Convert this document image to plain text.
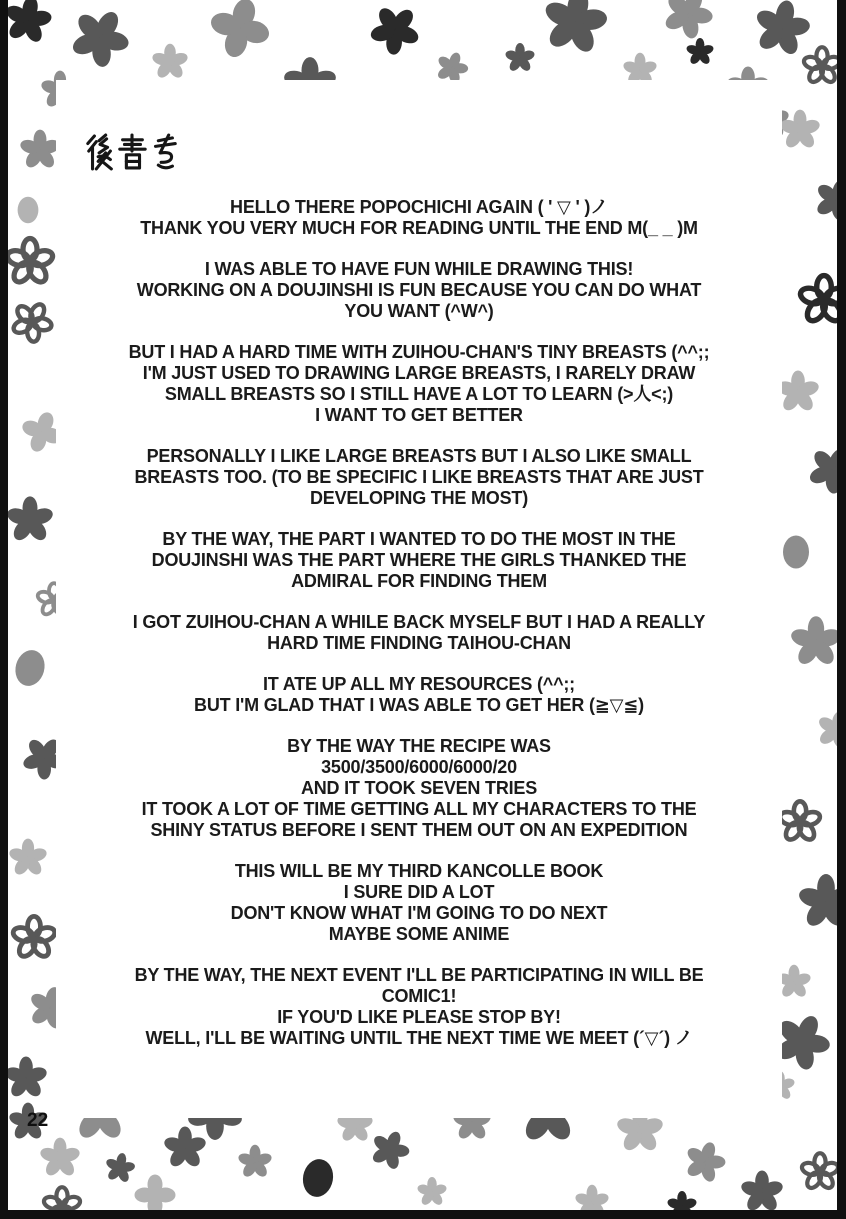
HELLO THERE POPOCHICHI AGAIN ( ' ▽ ' )ノ
THANK YOU VERY MUCH FOR READING UNTIL THE END M(_ _ )M
I WAS ABLE TO HAVE FUN WHILE DRAWING THIS!
WORKING ON A DOUJINSHI IS FUN BECAUSE YOU CAN DO WHAT
YOU WANT (^W^)
BUT I HAD A HARD TIME WITH ZUIHOU-CHAN'S TINY BREASTS (^^;;
I'M JUST USED TO DRAWING LARGE BREASTS, I RARELY DRAW
SMALL BREASTS SO I STILL HAVE A LOT TO LEARN (>人<;)
I WANT TO GET BETTER
PERSONALLY I LIKE LARGE BREASTS BUT I ALSO LIKE SMALL
BREASTS TOO. (TO BE SPECIFIC I LIKE BREASTS THAT ARE JUST
DEVELOPING THE MOST)
BY THE WAY, THE PART I WANTED TO DO THE MOST IN THE
DOUJINSHI WAS THE PART WHERE THE GIRLS THANKED THE
ADMIRAL FOR FINDING THEM
I GOT ZUIHOU-CHAN A WHILE BACK MYSELF BUT I HAD A REALLY
HARD TIME FINDING TAIHOU-CHAN
IT ATE UP ALL MY RESOURCES (^^;;
BUT I'M GLAD THAT I WAS ABLE TO GET HER (≧▽≦)
BY THE WAY THE RECIPE WAS
3500/3500/6000/6000/20
AND IT TOOK SEVEN TRIES
IT TOOK A LOT OF TIME GETTING ALL MY CHARACTERS TO THE
SHINY STATUS BEFORE I SENT THEM OUT ON AN EXPEDITION
THIS WILL BE MY THIRD KANCOLLE BOOK
I SURE DID A LOT
DON'T KNOW WHAT I'M GOING TO DO NEXT
MAYBE SOME ANIME
BY THE WAY, THE NEXT EVENT I'LL BE PARTICIPATING IN WILL BE
COMIC1!
IF YOU'D LIKE PLEASE STOP BY!
WELL, I'LL BE WAITING UNTIL THE NEXT TIME WE MEET (´▽´) ノ
22
